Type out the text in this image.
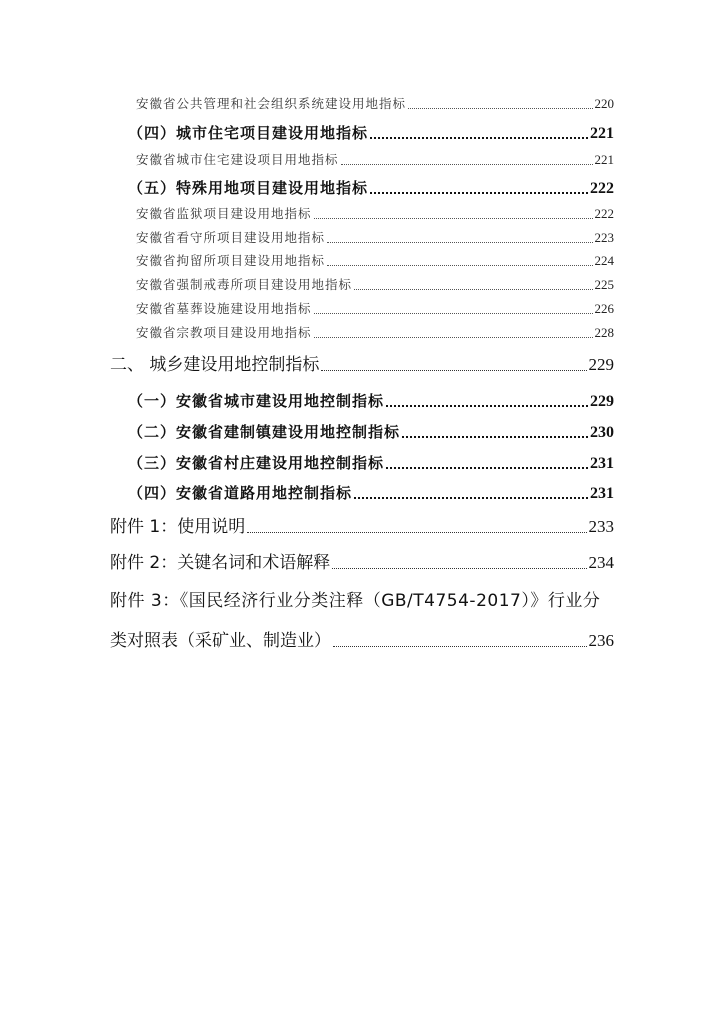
安徽省公共管理和社会组织系统建设用地指标	220
（四）城市住宅项目建设用地指标	221
安徽省城市住宅建设项目用地指标	221
（五）特殊用地项目建设用地指标	222
安徽省监狱项目建设用地指标	222
安徽省看守所项目建设用地指标	223
安徽省拘留所项目建设用地指标	224
安徽省强制戒毒所项目建设用地指标	225
安徽省墓葬设施建设用地指标	226
安徽省宗教项目建设用地指标	228
二、 城乡建设用地控制指标	229
（一）安徽省城市建设用地控制指标	229
（二）安徽省建制镇建设用地控制指标	230
（三）安徽省村庄建设用地控制指标	231
（四）安徽省道路用地控制指标	231
附件 1：使用说明	233
附件 2：关键名词和术语解释	234
附件 3：《国民经济行业分类注释（GB/T4754-2017）》行业分
类对照表（采矿业、制造业）	236
